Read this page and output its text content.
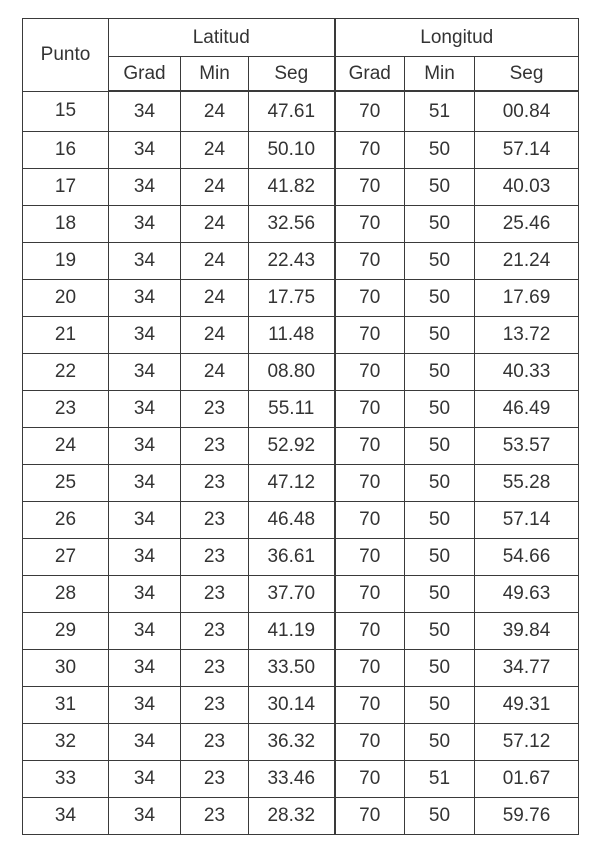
Punto	Latitud			Longitud		
	Grad	Min	Seg	Grad	Min	Seg
15	34	24	47.61	70	51	00.84
16	34	24	50.10	70	50	57.14
17	34	24	41.82	70	50	40.03
18	34	24	32.56	70	50	25.46
19	34	24	22.43	70	50	21.24
20	34	24	17.75	70	50	17.69
21	34	24	11.48	70	50	13.72
22	34	24	08.80	70	50	40.33
23	34	23	55.11	70	50	46.49
24	34	23	52.92	70	50	53.57
25	34	23	47.12	70	50	55.28
26	34	23	46.48	70	50	57.14
27	34	23	36.61	70	50	54.66
28	34	23	37.70	70	50	49.63
29	34	23	41.19	70	50	39.84
30	34	23	33.50	70	50	34.77
31	34	23	30.14	70	50	49.31
32	34	23	36.32	70	50	57.12
33	34	23	33.46	70	51	01.67
34	34	23	28.32	70	50	59.76
